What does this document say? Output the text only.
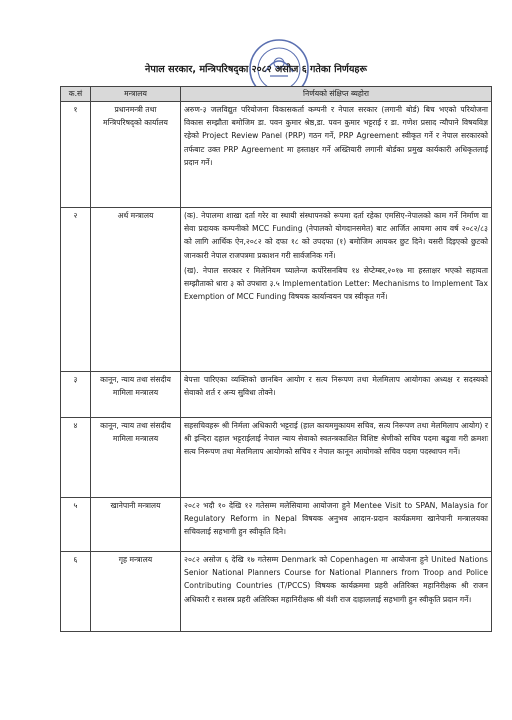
नेपाल सरकार, मन्त्रिपरिषद्का २०८२ असोज ६ गतेका निर्णयहरू
क.सं	मन्त्रालय	निर्णयको संक्षिप्त ब्यहोरा
१	प्रधानमन्त्री तथा मन्त्रिपरिषद्को कार्यालय	अरुण-३ जलविद्युत परियोजना विकासकर्ता कम्पनी र नेपाल सरकार (लगानी बोर्ड) बिच भएको परियोजना विकास सम्झौता बमोजिम डा. पवन कुमार श्रेष्ठ,डा. पवन कुमार भट्टराई र डा. गणेश प्रसाद न्यौपाने विषयविज्ञ रहेको Project Review Panel (PRP) गठन गर्ने, PRP Agreement स्वीकृत गर्ने र नेपाल सरकारको तर्फबाट उक्त PRP Agreement मा हस्ताक्षर गर्ने अख्तियारी लगानी बोर्डका प्रमुख कार्यकारी अधिकृतलाई प्रदान गर्ने।
२	अर्थ मन्त्रालय	(क). नेपालमा शाखा दर्ता गरेर वा स्थायी संस्थापनको रूपमा दर्ता रहेका एमसिए-नेपालको काम गर्ने निर्माण वा सेवा प्रदायक कम्पनीको MCC Funding (नेपालको योगदानसमेत) बाट आर्जित आयमा आय वर्ष २०८२/८३ को लागि आर्थिक ऐन,२०८२ को दफा १८ को उपदफा (१) बमोजिम आयकर छुट दिने। यसरी दिइएको छुटको जानकारी नेपाल राजपत्रमा प्रकाशन गरी सार्वजनिक गर्ने।
(ख). नेपाल सरकार र मिलेनियम च्यालेन्ज कर्पोरेसनबिच १४ सेप्टेम्बर,२०१७ मा हस्ताक्षर भएको सहायता सम्झौताको धारा ३ को उपधारा ३.५ Implementation Letter: Mechanisms to Implement Tax Exemption of MCC Funding विषयक कार्यान्वयन पत्र स्वीकृत गर्ने।

३	कानून, न्याय तथा संसदीय मामिला मन्त्रालय	बेपत्ता पारिएका व्यक्तिको छानबिन आयोग र सत्य निरूपण तथा मेलमिलाप आयोगका अध्यक्ष र सदस्यको सेवाको शर्त र अन्य सुविधा तोक्ने।
४	कानून, न्याय तथा संसदीय मामिला मन्त्रालय	सहसचिवहरू श्री निर्मला अधिकारी भट्टराई (हाल कायममुकायम सचिव, सत्य निरूपण तथा मेलमिलाप आयोग) र श्री इन्दिरा दहाल भट्टराईलाई नेपाल न्याय सेवाको स्वतन्त्रकाशित विशिष्ट श्रेणीको सचिव पदमा बढुवा गरी क्रमशः सत्य निरूपण तथा मेलमिलाप आयोगको सचिव र नेपाल कानून आयोगको सचिव पदमा पदस्थापन गर्ने।
५	खानेपानी मन्त्रालय	२०८२ भदौ १० देखि १२ गतेसम्म मलेसियामा आयोजना हुने Mentee Visit to SPAN, Malaysia for Regulatory Reform in Nepal विषयक अनुभव आदान-प्रदान कार्यक्रममा खानेपानी मन्त्रालयका सचिवलाई सहभागी हुन स्वीकृति दिने।
६	गृह मन्त्रालय	२०८२ असोज ६ देखि १७ गतेसम्म Denmark को Copenhagen मा आयोजना हुने United Nations Senior National Planners Course for National Planners from Troop and Police Contributing Countries (T/PCCS) विषयक कार्यक्रममा प्रहरी अतिरिक्त महानिरीक्षक श्री राजन अधिकारी र सशस्त्र प्रहरी अतिरिक्त महानिरीक्षक श्री वंशी राज दाहाललाई सहभागी हुन स्वीकृति प्रदान गर्ने।
